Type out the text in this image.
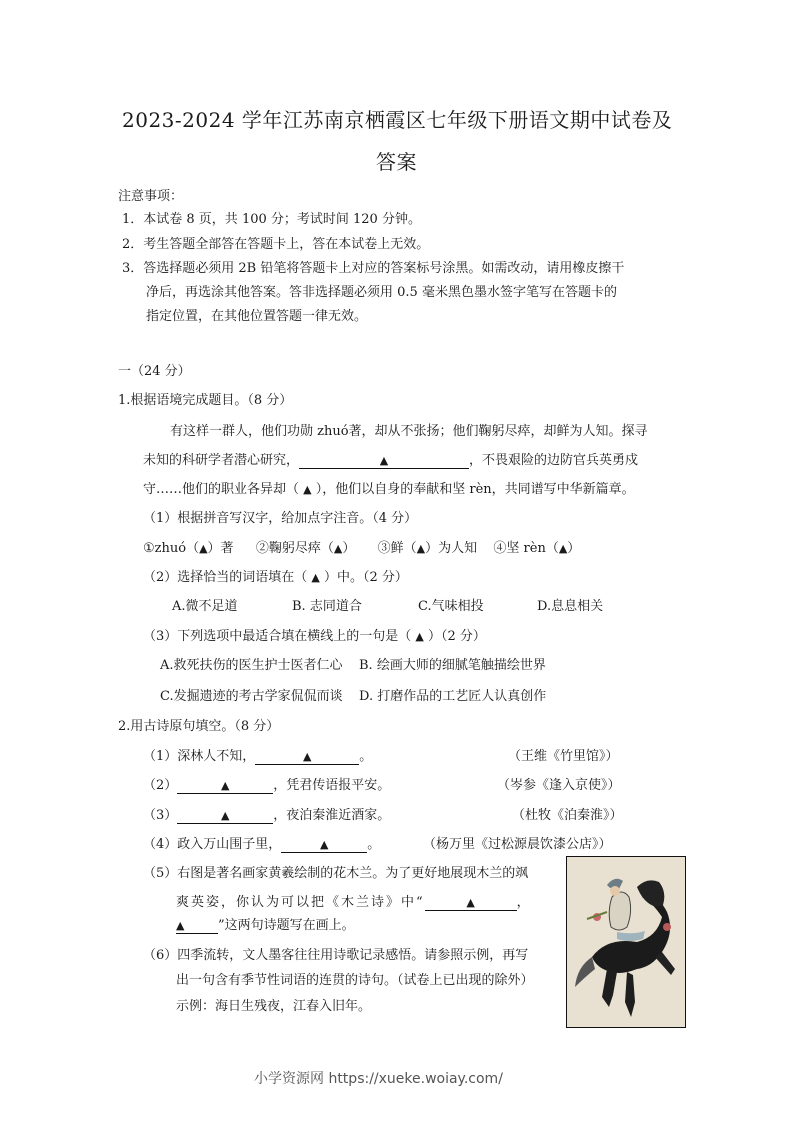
2023-2024 学年江苏南京栖霞区七年级下册语文期中试卷及
答案
注意事项：
1．本试卷 8 页，共 100 分；考试时间 120 分钟。
2．考生答题全部答在答题卡上，答在本试卷上无效。
3．答选择题必须用 2B 铅笔将答题卡上对应的答案标号涂黑。如需改动，请用橡皮擦干
净后，再选涂其他答案。答非选择题必须用 0.5 毫米黑色墨水签字笔写在答题卡的
指定位置，在其他位置答题一律无效。
一（24 分）
1.根据语境完成题目。（8 分）
有这样一群人，他们功勋 zhuó著，却从不张扬；他们鞠躬尽瘁，却鲜为人知。探寻
未知的科研学者潜心研究，	▲	，不畏艰险的边防官兵英勇戍
守……他们的职业各异却（ ▲ ），他们以自身的奉献和坚 rèn，共同谱写中华新篇章。
（1）根据拼音写汉字，给加点字注音。（4 分）
①zhuó（▲）著 ②鞠躬尽瘁（▲） ③鲜（▲）为人知 ④坚 rèn（▲）
（2）选择恰当的词语填在（ ▲ ）中。（2 分）
A.微不足道	B. 志同道合	C.气味相投	D.息息相关
（3）下列选项中最适合填在横线上的一句是（ ▲ ）（2 分）
A.救死扶伤的医生护士医者仁心 B. 绘画大师的细腻笔触描绘世界
C.发掘遗迹的考古学家侃侃而谈 D. 打磨作品的工艺匠人认真创作
2.用古诗原句填空。（8 分）
（1）深林人不知，	▲	。	（王维《竹里馆》）
（2）	▲	，凭君传语报平安。	（岑参《逢入京使》）
（3）	▲	，夜泊秦淮近酒家。	（杜牧《泊秦淮》）
（4）政入万山围子里，	▲	。	（杨万里《过松源晨饮漆公店》）
（5）右图是著名画家黄羲绘制的花木兰。为了更好地展现木兰的飒
爽英姿，你认为可以把《木兰诗》中“	▲	，
▲	”这两句诗题写在画上。
（6）四季流转，文人墨客往往用诗歌记录感悟。请参照示例，再写
出一句含有季节性词语的连贯的诗句。（试卷上已出现的除外）
示例：海日生残夜，江春入旧年。
小学资源网 https://xueke.woiay.com/
